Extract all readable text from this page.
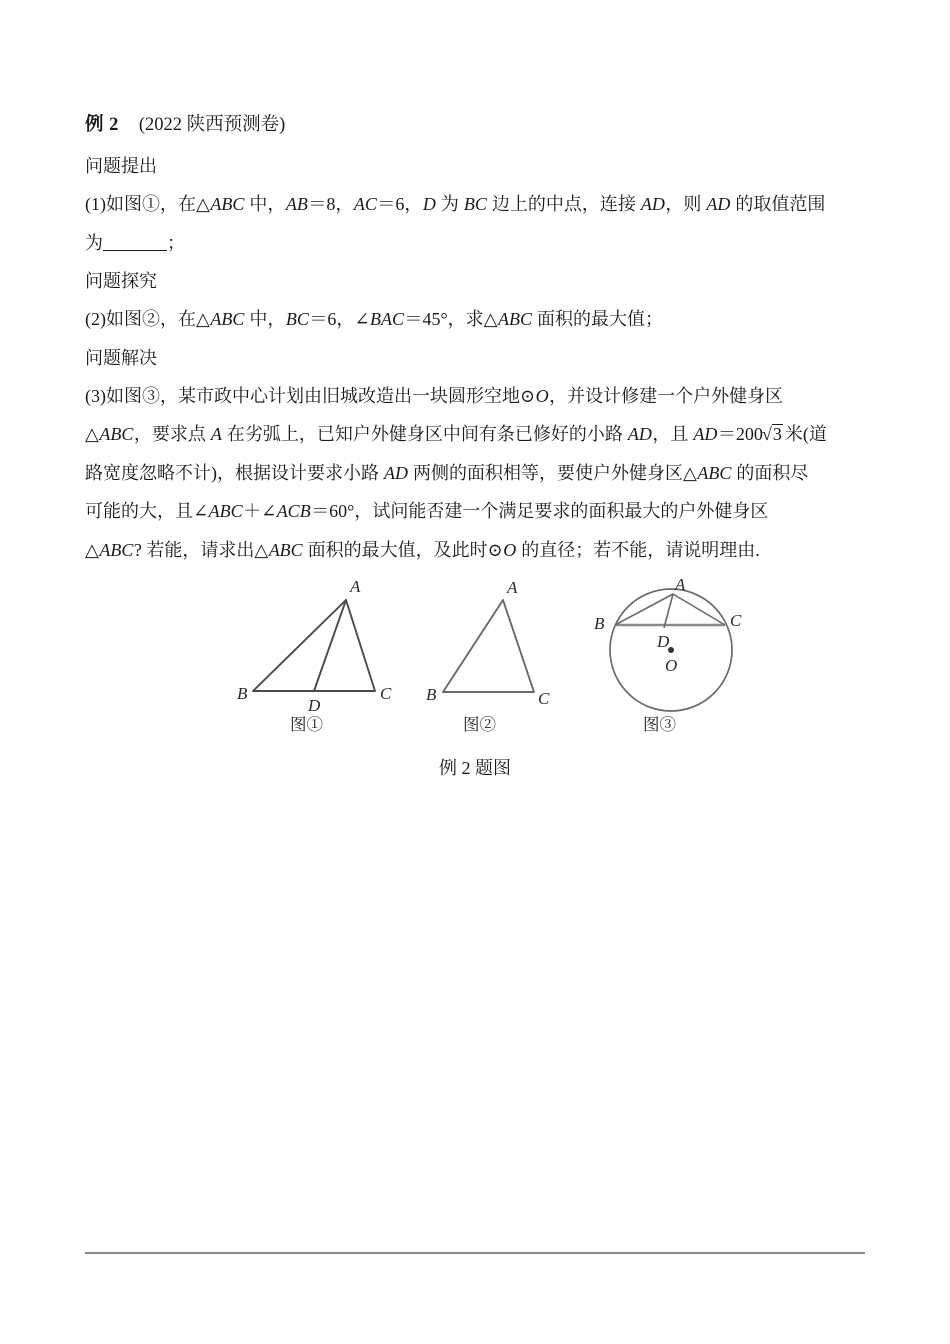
例 2 (2022 陕西预测卷)

问题提出

(1)如图①，在△ABC 中，AB＝8，AC＝6，D 为 BC 边上的中点，连接 AD，则 AD 的取值范围

为	；

问题探究

(2)如图②，在△ABC 中，BC＝6，∠BAC＝45°，求△ABC 面积的最大值；

问题解决

(3)如图③，某市政中心计划由旧城改造出一块圆形空地⊙O，并设计修建一个户外健身区

△ABC，要求点 A 在劣弧上，已知户外健身区中间有条已修好的小路 AD，且 AD＝200 √ 3 米(道

路宽度忽略不计)，根据设计要求小路 AD 两侧的面积相等，要使户外健身区△ABC 的面积尽

可能的大，且∠ABC＋∠ACB＝60°，试问能否建一个满足要求的面积最大的户外健身区

△ABC? 若能，请求出△ABC 面积的最大值，及此时⊙O 的直径；若不能，请说明理由.

A
B	C
D
图①
A
B	C
图②
A
B	C
D
O
图③
例 2 题图
